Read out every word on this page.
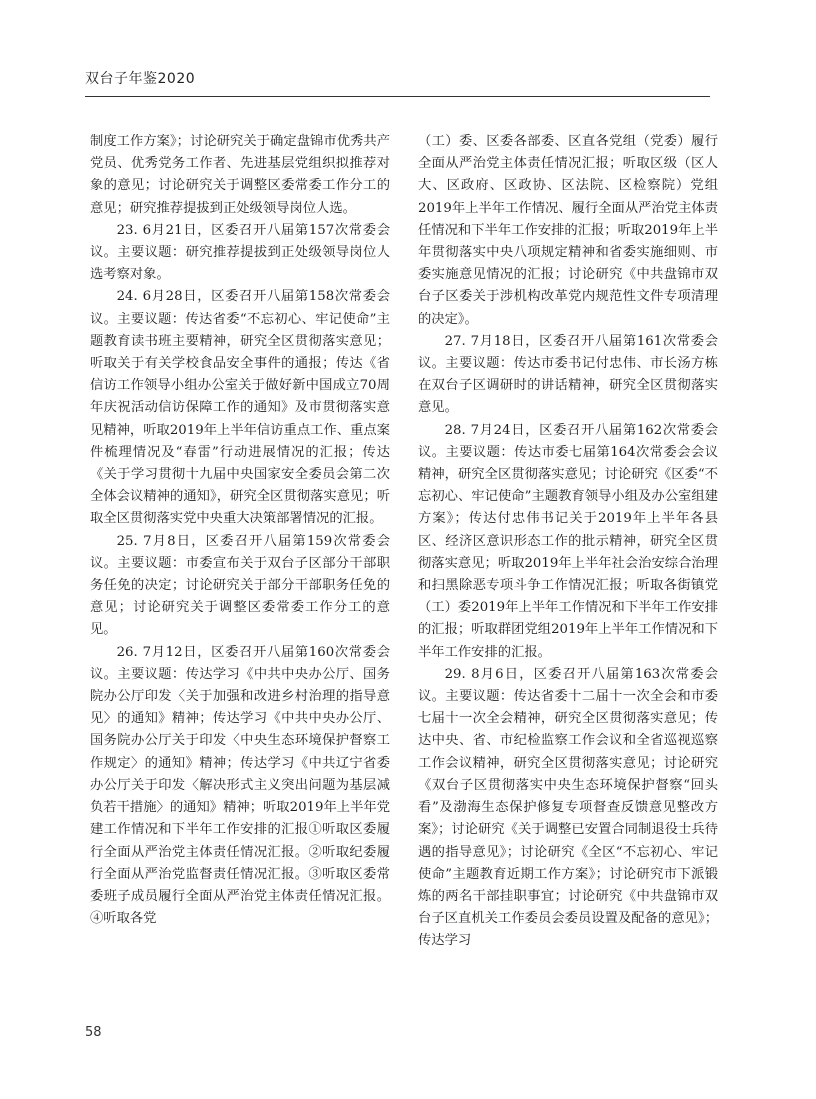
双台子年鉴2020

制度工作方案》；讨论研究关于确定盘锦市优秀共产党员、优秀党务工作者、先进基层党组织拟推荐对象的意见；讨论研究关于调整区委常委工作分工的意见；研究推荐提拔到正处级领导岗位人选。

23. 6月21日，区委召开八届第157次常委会议。主要议题：研究推荐提拔到正处级领导岗位人选考察对象。

24. 6月28日，区委召开八届第158次常委会议。主要议题：传达省委“不忘初心、牢记使命”主题教育读书班主要精神，研究全区贯彻落实意见；听取关于有关学校食品安全事件的通报；传达《省信访工作领导小组办公室关于做好新中国成立70周年庆祝活动信访保障工作的通知》及市贯彻落实意见精神，听取2019年上半年信访重点工作、重点案件梳理情况及“春雷”行动进展情况的汇报；传达《关于学习贯彻十九届中央国家安全委员会第二次全体会议精神的通知》，研究全区贯彻落实意见；听取全区贯彻落实党中央重大决策部署情况的汇报。

25. 7月8日，区委召开八届第159次常委会议。主要议题：市委宣布关于双台子区部分干部职务任免的决定；讨论研究关于部分干部职务任免的意见；讨论研究关于调整区委常委工作分工的意见。

26. 7月12日，区委召开八届第160次常委会议。主要议题：传达学习《中共中央办公厅、国务院办公厅印发〈关于加强和改进乡村治理的指导意见〉的通知》精神；传达学习《中共中央办公厅、国务院办公厅关于印发〈中央生态环境保护督察工作规定〉的通知》精神；传达学习《中共辽宁省委办公厅关于印发〈解决形式主义突出问题为基层减负若干措施〉的通知》精神；听取2019年上半年党建工作情况和下半年工作安排的汇报①听取区委履行全面从严治党主体责任情况汇报。②听取纪委履行全面从严治党监督责任情况汇报。③听取区委常委班子成员履行全面从严治党主体责任情况汇报。④听取各党

（工）委、区委各部委、区直各党组（党委）履行全面从严治党主体责任情况汇报；听取区级（区人大、区政府、区政协、区法院、区检察院）党组2019年上半年工作情况、履行全面从严治党主体责任情况和下半年工作安排的汇报；听取2019年上半年贯彻落实中央八项规定精神和省委实施细则、市委实施意见情况的汇报；讨论研究《中共盘锦市双台子区委关于涉机构改革党内规范性文件专项清理的决定》。

27. 7月18日，区委召开八届第161次常委会议。主要议题：传达市委书记付忠伟、市长汤方栋在双台子区调研时的讲话精神，研究全区贯彻落实意见。

28. 7月24日，区委召开八届第162次常委会议。主要议题：传达市委七届第164次常委会会议精神，研究全区贯彻落实意见；讨论研究《区委“不忘初心、牢记使命”主题教育领导小组及办公室组建方案》；传达付忠伟书记关于2019年上半年各县区、经济区意识形态工作的批示精神，研究全区贯彻落实意见；听取2019年上半年社会治安综合治理和扫黑除恶专项斗争工作情况汇报；听取各街镇党（工）委2019年上半年工作情况和下半年工作安排的汇报；听取群团党组2019年上半年工作情况和下半年工作安排的汇报。

29. 8月6日，区委召开八届第163次常委会议。主要议题：传达省委十二届十一次全会和市委七届十一次全会精神，研究全区贯彻落实意见；传达中央、省、市纪检监察工作会议和全省巡视巡察工作会议精神，研究全区贯彻落实意见；讨论研究《双台子区贯彻落实中央生态环境保护督察“回头看”及渤海生态保护修复专项督查反馈意见整改方案》；讨论研究《关于调整已安置合同制退役士兵待遇的指导意见》；讨论研究《全区“不忘初心、牢记使命”主题教育近期工作方案》；讨论研究市下派锻炼的两名干部挂职事宜；讨论研究《中共盘锦市双台子区直机关工作委员会委员设置及配备的意见》；传达学习

58
